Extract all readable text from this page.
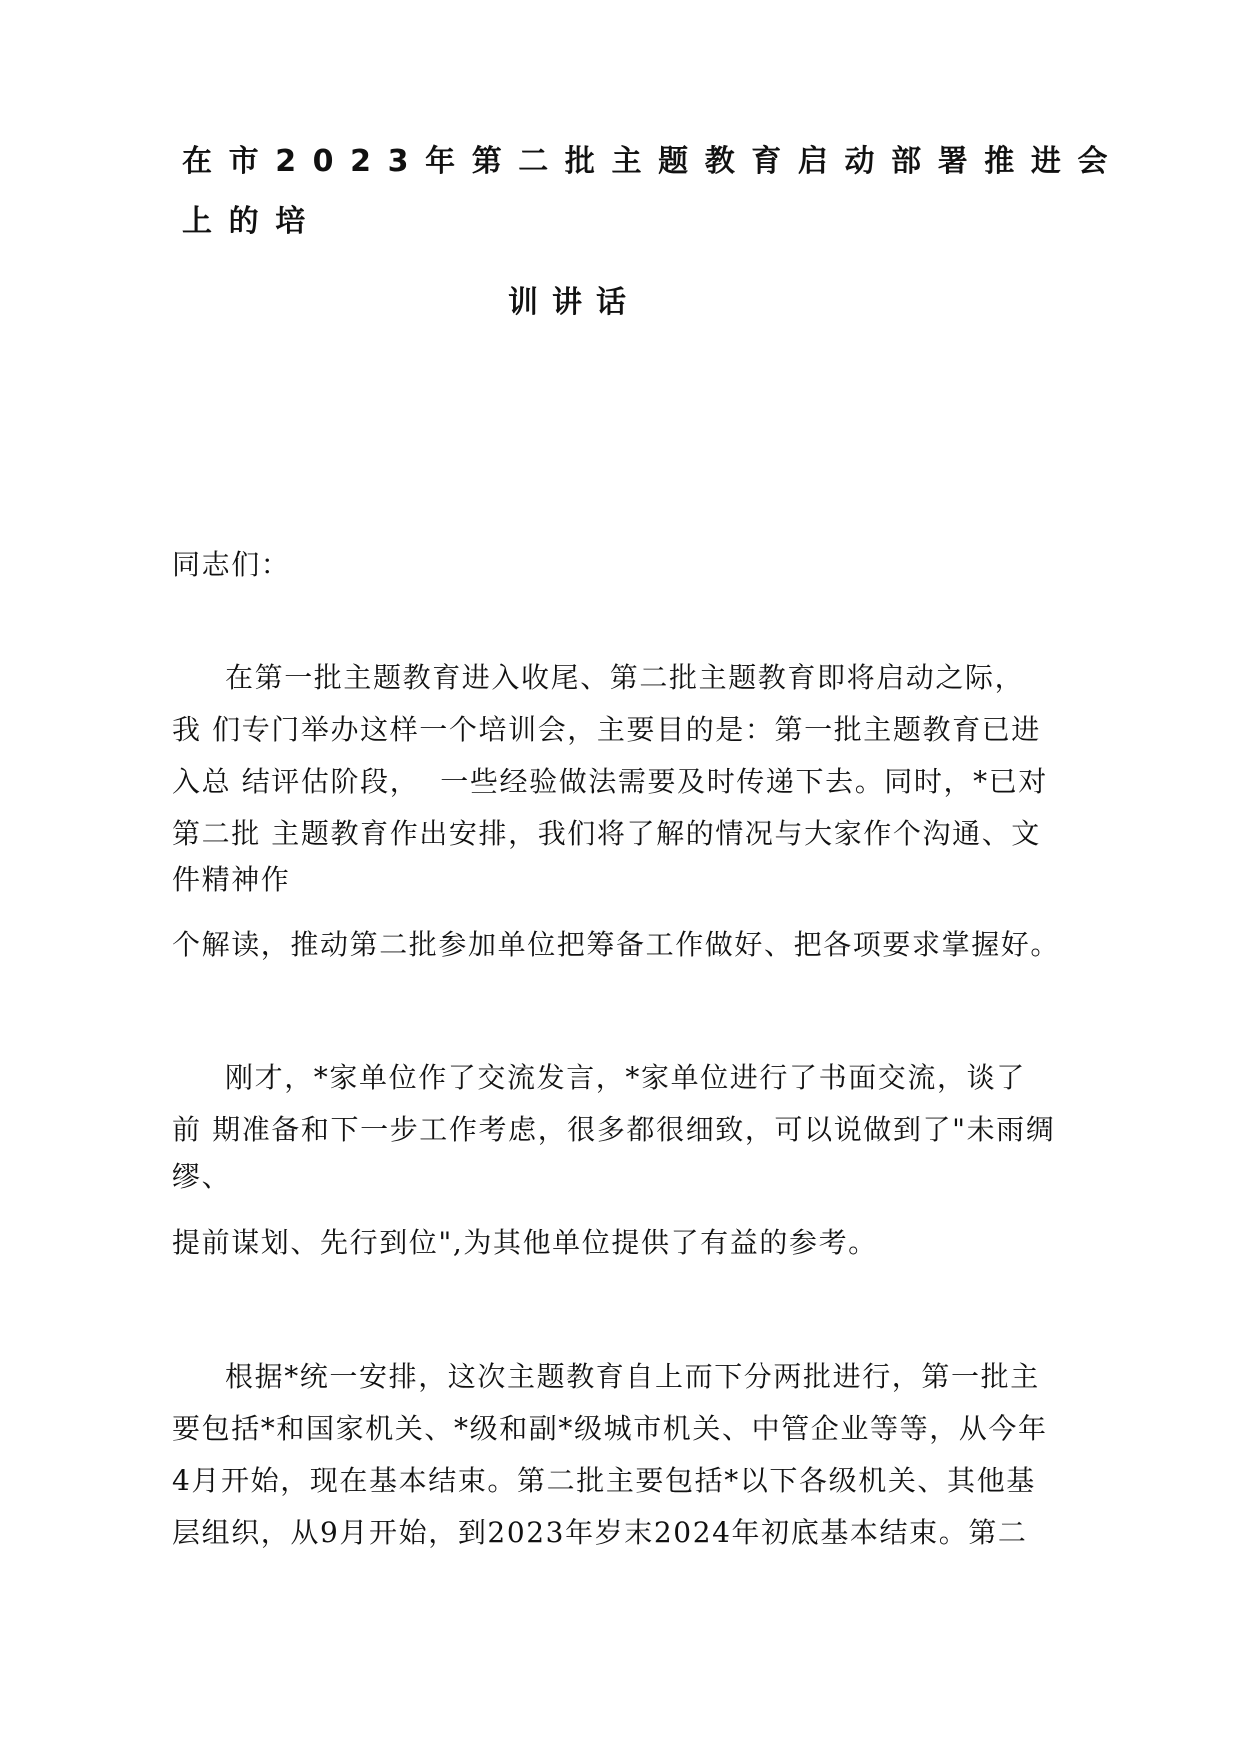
在市2023年第二批主题教育启动部署推进会
上的培
训讲话
同志们：
在第一批主题教育进入收尾、第二批主题教育即将启动之际，
我 们专门举办这样一个培训会，主要目的是：第一批主题教育已进
入总 结评估阶段，  一些经验做法需要及时传递下去。同时，*已对
第二批 主题教育作出安排，我们将了解的情况与大家作个沟通、文
件精神作
个解读，推动第二批参加单位把筹备工作做好、把各项要求掌握好。
刚才，*家单位作了交流发言，*家单位进行了书面交流，谈了
前 期准备和下一步工作考虑，很多都很细致，可以说做到了"未雨绸
缪、
提前谋划、先行到位",为其他单位提供了有益的参考。
根据*统一安排，这次主题教育自上而下分两批进行，第一批主
要包括*和国家机关、*级和副*级城市机关、中管企业等等，从今年
4月开始，现在基本结束。第二批主要包括*以下各级机关、其他基
层组织，从9月开始，到2023年岁末2024年初底基本结束。第二
